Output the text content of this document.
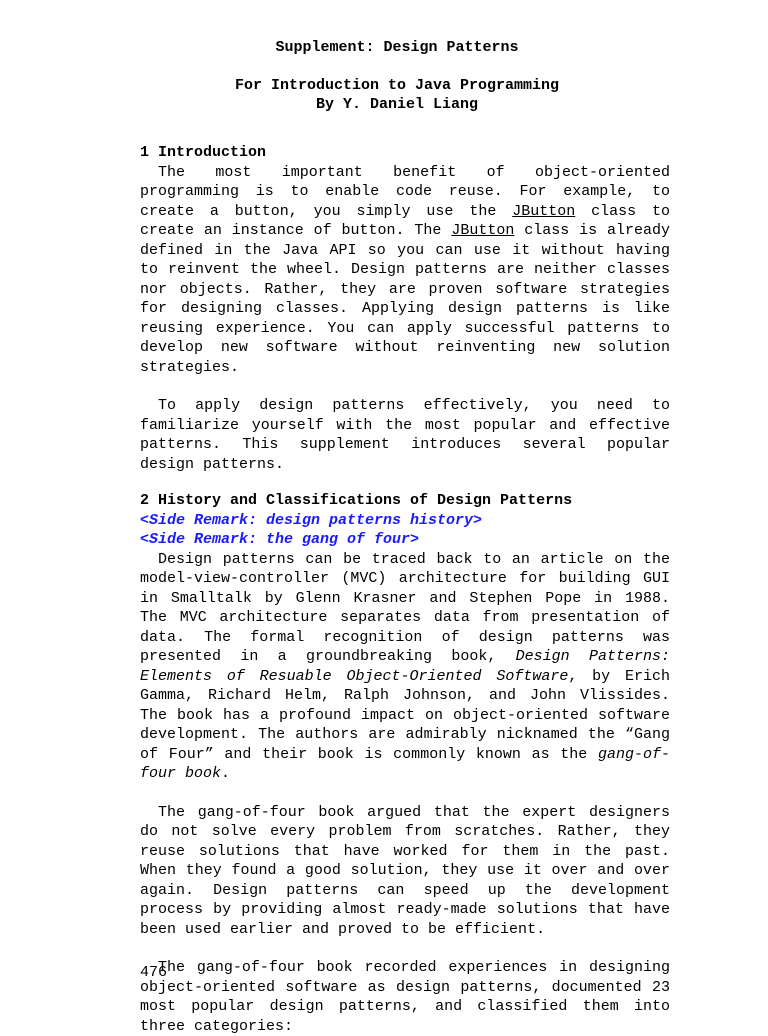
Supplement: Design Patterns
For Introduction to Java Programming
By Y. Daniel Liang
1 Introduction

The most important benefit of object-oriented programming is to enable code reuse. For example, to create a button, you simply use the JButton class to create an instance of button. The JButton class is already defined in the Java API so you can use it without having to reinvent the wheel. Design patterns are neither classes nor objects. Rather, they are proven software strategies for designing classes. Applying design patterns is like reusing experience. You can apply successful patterns to develop new software without reinventing new solution strategies.

To apply design patterns effectively, you need to familiarize yourself with the most popular and effective patterns. This supplement introduces several popular design patterns.

2 History and Classifications of Design Patterns
<Side Remark: design patterns history>
<Side Remark: the gang of four>

Design patterns can be traced back to an article on the model-view-controller (MVC) architecture for building GUI in Smalltalk by Glenn Krasner and Stephen Pope in 1988. The MVC architecture separates data from presentation of data. The formal recognition of design patterns was presented in a groundbreaking book, Design Patterns: Elements of Resuable Object-Oriented Software, by Erich Gamma, Richard Helm, Ralph Johnson, and John Vlissides. The book has a profound impact on object-oriented software development. The authors are admirably nicknamed the “Gang of Four” and their book is commonly known as the gang-of-four book.

The gang-of-four book argued that the expert designers do not solve every problem from scratches. Rather, they reuse solutions that have worked for them in the past. When they found a good solution, they use it over and over again. Design patterns can speed up the development process by providing almost ready-made solutions that have been used earlier and proved to be efficient.

The gang-of-four book recorded experiences in designing object-oriented software as design patterns, documented 23 most popular design patterns, and classified them into three categories:

476
